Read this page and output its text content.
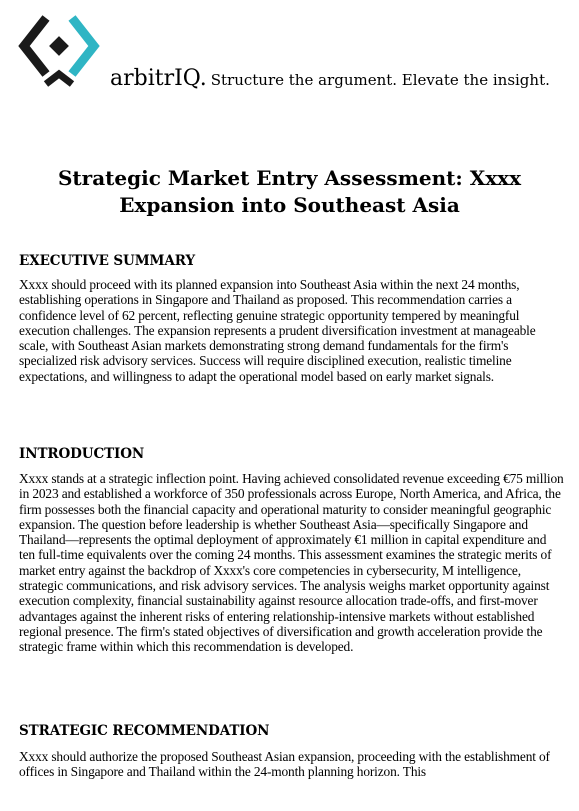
arbitrIQ. Structure the argument. Elevate the insight.
Strategic Market Entry Assessment: Xxxx
Expansion into Southeast Asia
EXECUTIVE SUMMARY
Xxxx should proceed with its planned expansion into Southeast Asia within the next 24 months, establishing operations in Singapore and Thailand as proposed. This recommendation carries a confidence level of 62 percent, reflecting genuine strategic opportunity tempered by meaningful execution challenges. The expansion represents a prudent diversification investment at manageable scale, with Southeast Asian markets demonstrating strong demand fundamentals for the firm's specialized risk advisory services. Success will require disciplined execution, realistic timeline expectations, and willingness to adapt the operational model based on early market signals.
INTRODUCTION
Xxxx stands at a strategic inflection point. Having achieved consolidated revenue exceeding €75 million in 2023 and established a workforce of 350 professionals across Europe, North America, and Africa, the firm possesses both the financial capacity and operational maturity to consider meaningful geographic expansion. The question before leadership is whether Southeast Asia—specifically Singapore and Thailand—represents the optimal deployment of approximately €1 million in capital expenditure and ten full-time equivalents over the coming 24 months. This assessment examines the strategic merits of market entry against the backdrop of Xxxx's core competencies in cybersecurity, M intelligence, strategic communications, and risk advisory services. The analysis weighs market opportunity against execution complexity, financial sustainability against resource allocation trade-offs, and first-mover advantages against the inherent risks of entering relationship-intensive markets without established regional presence. The firm's stated objectives of diversification and growth acceleration provide the strategic frame within which this recommendation is developed.
STRATEGIC RECOMMENDATION
Xxxx should authorize the proposed Southeast Asian expansion, proceeding with the establishment of offices in Singapore and Thailand within the 24-month planning horizon. This
